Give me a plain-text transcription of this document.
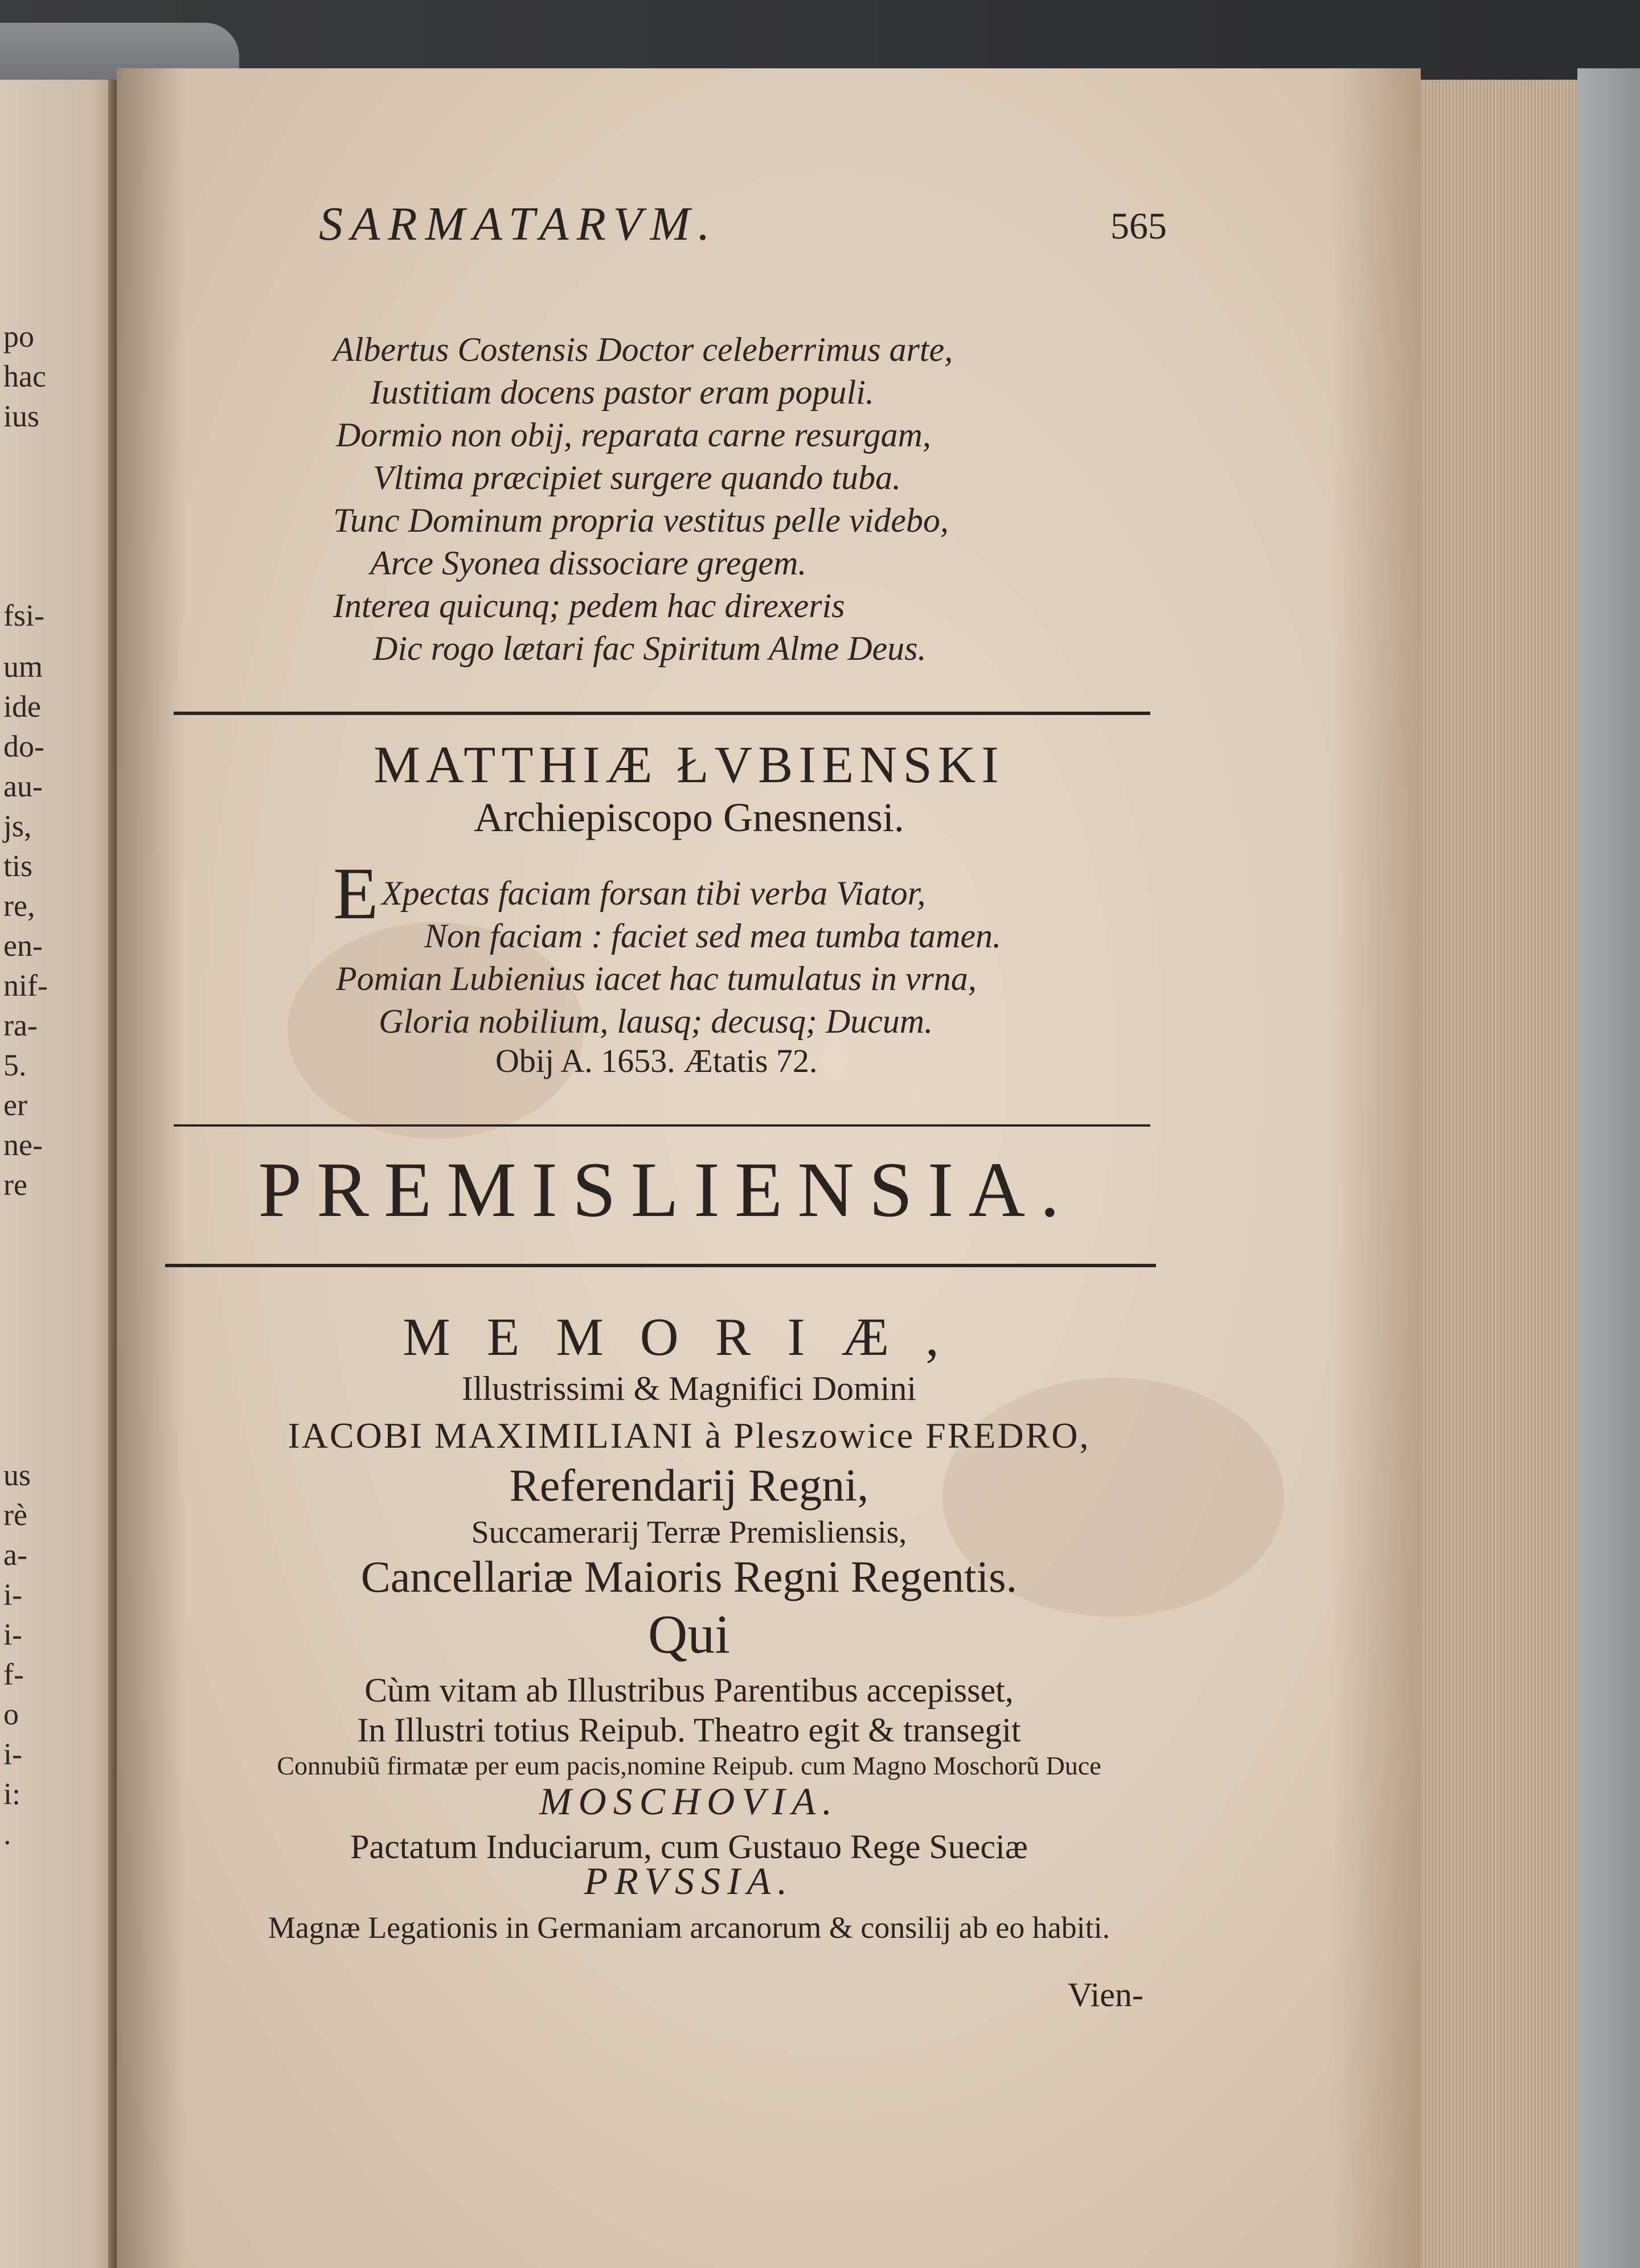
po
hac
ius
fsi-
um
ide
do-
au-
js,
tis
re,
en-
nif-
ra-
5.
er
ne-
re
us
rè
a-
i-
i-
f-
o
i-
i:
.
SARMATARVM.	565
Albertus Costensis Doctor celeberrimus arte,
Iustitiam docens pastor eram populi.
Dormio non obij, reparata carne resurgam,
Vltima præcipiet surgere quando tuba.
Tunc Dominum propria vestitus pelle videbo,
Arce Syonea dissociare gregem.
Interea quicunq; pedem hac direxeris
Dic rogo lætari fac Spiritum Alme Deus.
MATTHIÆ ŁVBIENSKI
Archiepiscopo Gnesnensi.
E Xpectas faciam forsan tibi verba Viator,
Non faciam : faciet sed mea tumba tamen.
Pomian Lubienius iacet hac tumulatus in vrna,
Gloria nobilium, lausq; decusq; Ducum.
Obij A. 1653. Ætatis 72.
PREMISLIENSIA.
MEMORIÆ,
Illustrissimi & Magnifici Domini
IACOBI MAXIMILIANI à Pleszowice FREDRO,
Referendarij Regni,
Succamerarij Terræ Premisliensis,
Cancellariæ Maioris Regni Regentis.
Qui
Cùm vitam ab Illustribus Parentibus accepisset,
In Illustri totius Reipub. Theatro egit & transegit
Connubiũ firmatæ per eum pacis,nomine Reipub. cum Magno Moschorũ Duce
MOSCHOVIA.
Pactatum Induciarum, cum Gustauo Rege Sueciæ
PRVSSIA.
Magnæ Legationis in Germaniam arcanorum & consilij ab eo habiti.
Vien-
